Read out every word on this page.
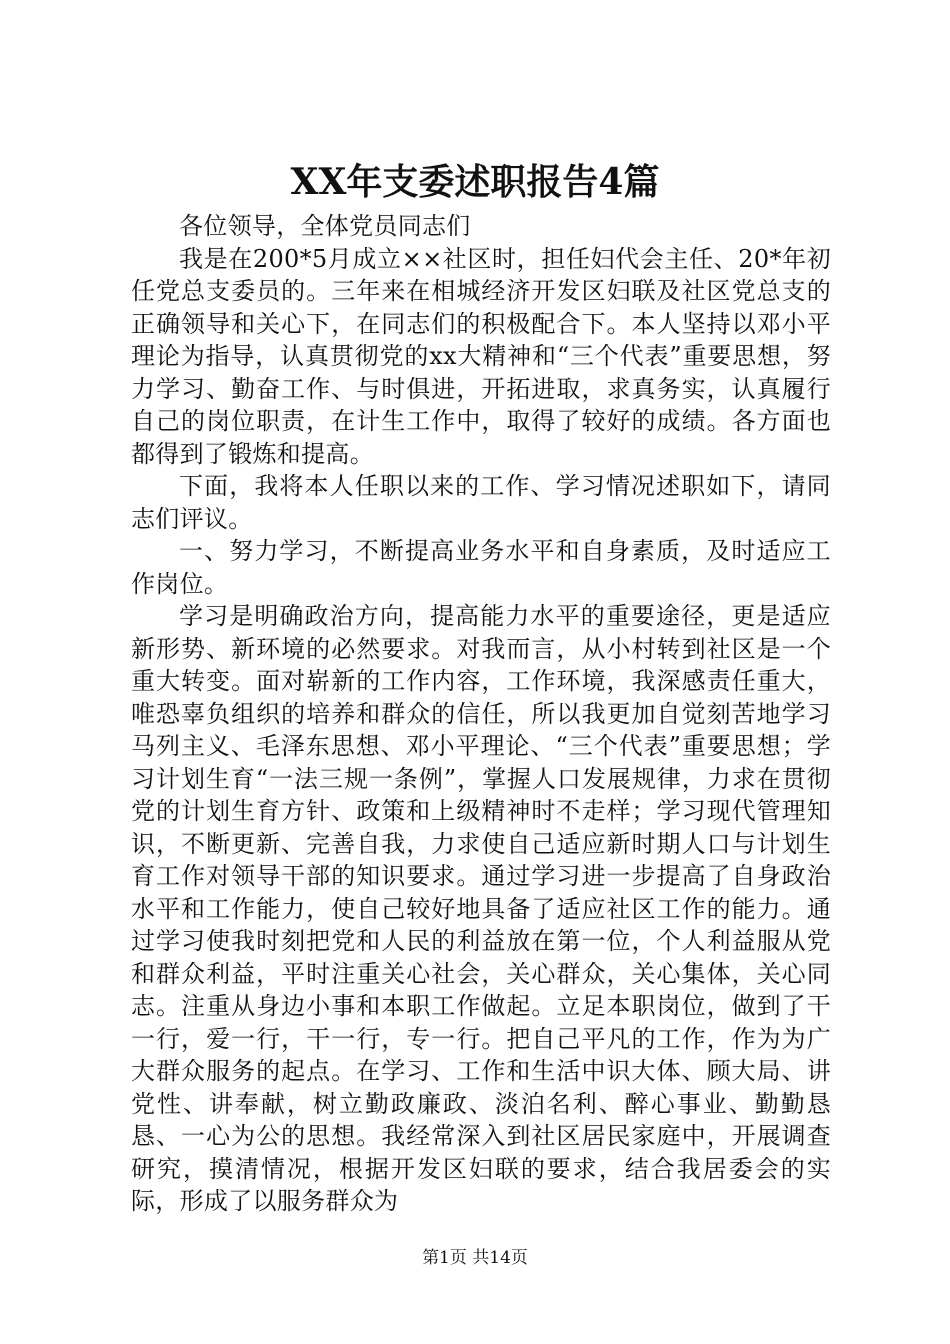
XX年支委述职报告4篇

各位领导，全体党员同志们

我是在200*5月成立××社区时，担任妇代会主任、20*年初任党总支委员的。三年来在相城经济开发区妇联及社区党总支的正确领导和关心下，在同志们的积极配合下。本人坚持以邓小平理论为指导，认真贯彻党的xx大精神和“三个代表”重要思想，努力学习、勤奋工作、与时俱进，开拓进取，求真务实，认真履行自己的岗位职责，在计生工作中，取得了较好的成绩。各方面也都得到了锻炼和提高。

下面，我将本人任职以来的工作、学习情况述职如下，请同志们评议。

一、努力学习，不断提高业务水平和自身素质，及时适应工作岗位。

学习是明确政治方向，提高能力水平的重要途径，更是适应新形势、新环境的必然要求。对我而言，从小村转到社区是一个重大转变。面对崭新的工作内容，工作环境，我深感责任重大，唯恐辜负组织的培养和群众的信任，所以我更加自觉刻苦地学习马列主义、毛泽东思想、邓小平理论、“三个代表”重要思想；学习计划生育“一法三规一条例”，掌握人口发展规律，力求在贯彻党的计划生育方针、政策和上级精神时不走样；学习现代管理知识，不断更新、完善自我，力求使自己适应新时期人口与计划生育工作对领导干部的知识要求。通过学习进一步提高了自身政治水平和工作能力，使自己较好地具备了适应社区工作的能力。通过学习使我时刻把党和人民的利益放在第一位，个人利益服从党和群众利益，平时注重关心社会，关心群众，关心集体，关心同志。注重从身边小事和本职工作做起。立足本职岗位，做到了干一行，爱一行，干一行，专一行。把自己平凡的工作，作为为广大群众服务的起点。在学习、工作和生活中识大体、顾大局、讲党性、讲奉献，树立勤政廉政、淡泊名利、醉心事业、勤勤恳恳、一心为公的思想。我经常深入到社区居民家庭中，开展调查研究，摸清情况，根据开发区妇联的要求，结合我居委会的实际，形成了以服务群众为

第1页 共14页
